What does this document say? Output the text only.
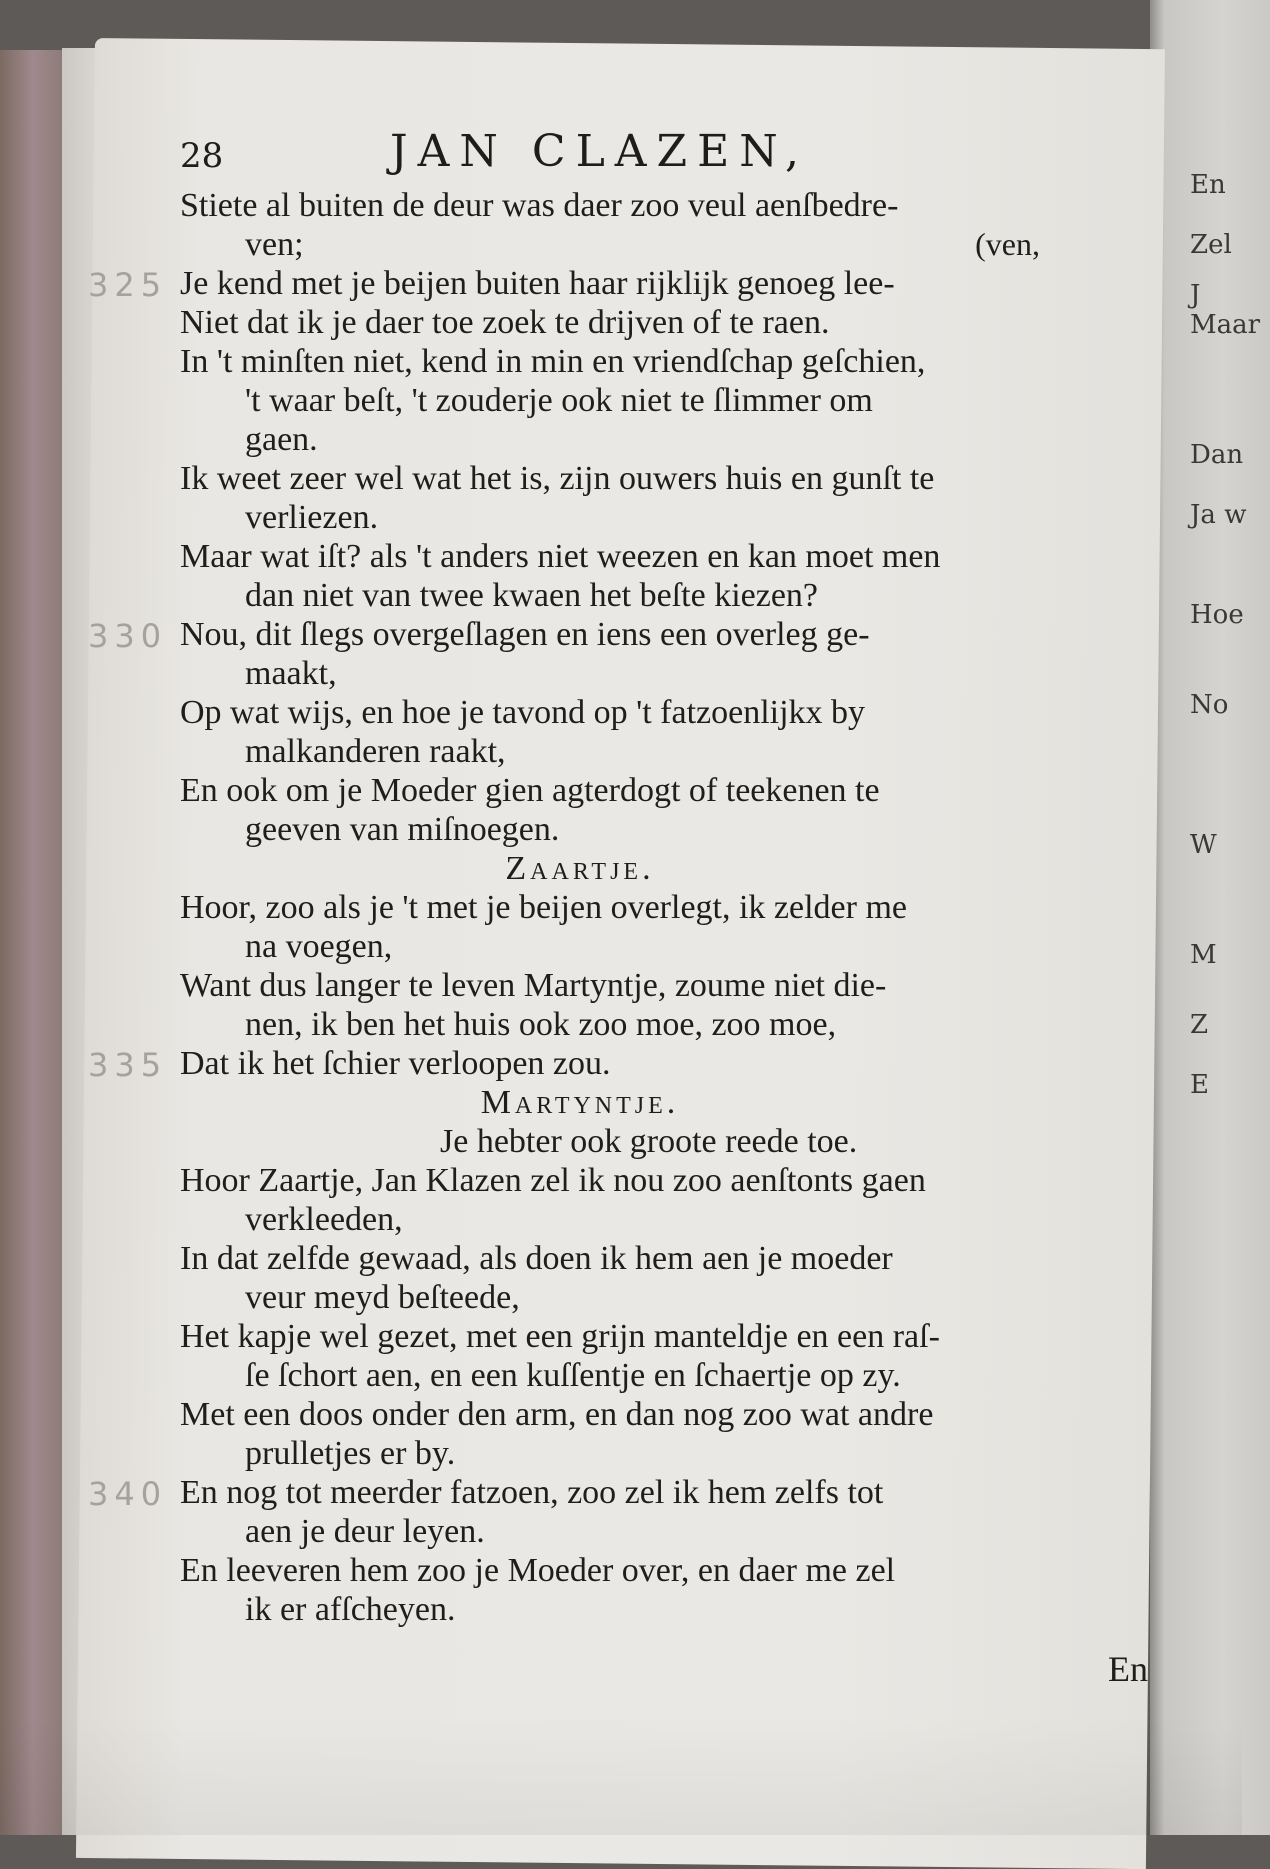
En
Zel
J
Maar
Dan
Ja w
Hoe
No
W
M
Z
E
28	JAN CLAZEN,
Stiete al buiten de deur was daer zoo veul aenſbedre-
ven;	(ven,
Je kend met je beijen buiten haar rijklijk genoeg lee-
325
Niet dat ik je daer toe zoek te drijven of te raen.
In 't minſten niet, kend in min en vriendſchap geſchien,
't waar beſt, 't zouderje ook niet te ſlimmer om
gaen.
Ik weet zeer wel wat het is, zijn ouwers huis en gunſt te
verliezen.
Maar wat iſt? als 't anders niet weezen en kan moet men
dan niet van twee kwaen het beſte kiezen?
Nou, dit ſlegs overgeſlagen en iens een overleg ge-
330
maakt,
Op wat wijs, en hoe je tavond op 't fatzoenlijkx by
malkanderen raakt,
En ook om je Moeder gien agterdogt of teekenen te
geeven van miſnoegen.
Zaartje.
Hoor, zoo als je 't met je beijen overlegt, ik zelder me
na voegen,
Want dus langer te leven Martyntje, zoume niet die-
nen, ik ben het huis ook zoo moe, zoo moe,
Dat ik het ſchier verloopen zou.
335
Martyntje.
Je hebter ook groote reede toe.
Hoor Zaartje, Jan Klazen zel ik nou zoo aenſtonts gaen
verkleeden,
In dat zelfde gewaad, als doen ik hem aen je moeder
veur meyd beſteede,
Het kapje wel gezet, met een grijn manteldje en een raſ-
ſe ſchort aen, en een kuſſentje en ſchaertje op zy.
Met een doos onder den arm, en dan nog zoo wat andre
prulletjes er by.
En nog tot meerder fatzoen, zoo zel ik hem zelfs tot
340
aen je deur leyen.
En leeveren hem zoo je Moeder over, en daer me zel
ik er afſcheyen.
En
